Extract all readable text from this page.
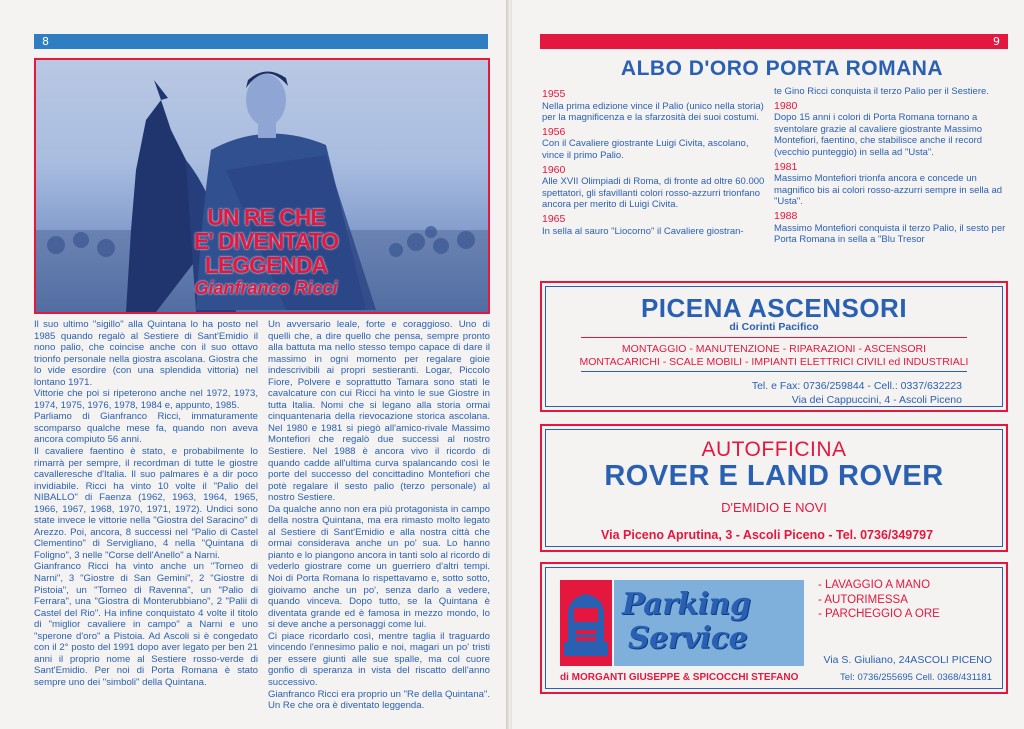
8
UN RE CHE
E' DIVENTATO
LEGGENDA
Gianfranco Ricci

Il suo ultimo "sigillo" alla Quintana lo ha posto nel 1985 quando regalò al Sestiere di Sant'Emidio il nono palio, che coincise anche con il suo ottavo trionfo personale nella giostra ascolana. Giostra che lo vide esordire (con una splendida vittoria) nel lontano 1971.

Vittorie che poi si ripeterono anche nel 1972, 1973, 1974, 1975, 1976, 1978, 1984 e, appunto, 1985.

Parliamo di Gianfranco Ricci, immaturamente scomparso qualche mese fa, quando non aveva ancora compiuto 56 anni.

Il cavaliere faentino è stato, e probabilmente lo rimarrà per sempre, il recordman di tutte le giostre cavalleresche d'Italia. Il suo palmares è a dir poco invidiabile. Ricci ha vinto 10 volte il "Palio del NIBALLO" di Faenza (1962, 1963, 1964, 1965, 1966, 1967, 1968, 1970, 1971, 1972). Undici sono state invece le vittorie nella "Giostra del Saracino" di Arezzo. Poi, ancora, 8 successi nel "Palio di Castel Clementino" di Servigliano, 4 nella "Quintana di Foligno", 3 nelle "Corse dell'Anello" a Narni.

Gianfranco Ricci ha vinto anche un "Torneo di Narni", 3 "Giostre di San Gemini", 2 "Giostre di Pistoia", un "Torneo di Ravenna", un "Palio di Ferrara", una "Giostra di Monterubbiano", 2 "Palii di Castel del Rio". Ha infine conquistato 4 volte il titolo di "miglior cavaliere in campo" a Narni e uno "sperone d'oro" a Pistoia. Ad Ascoli si è congedato con il 2° posto del 1991 dopo aver legato per ben 21 anni il proprio nome al Sestiere rosso-verde di Sant'Emidio. Per noi di Porta Romana è stato sempre uno dei "simboli" della Quintana.

Un avversario leale, forte e coraggioso. Uno di quelli che, a dire quello che pensa, sempre pronto alla battuta ma nello stesso tempo capace di dare il massimo in ogni momento per regalare gioie indescrivibili ai propri sestieranti. Logar, Piccolo Fiore, Polvere e soprattutto Tamara sono stati le cavalcature con cui Ricci ha vinto le sue Giostre in tutta Italia. Nomi che si legano alla storia ormai cinquantenaria della rievocazione storica ascolana. Nel 1980 e 1981 si piegò all'amico-rivale Massimo Montefiori che regalò due successi al nostro Sestiere. Nel 1988 è ancora vivo il ricordo di quando cadde all'ultima curva spalancando così le porte del successo del concittadino Montefiori che potè regalare il sesto palio (terzo personale) al nostro Sestiere.

Da qualche anno non era più protagonista in campo della nostra Quintana, ma era rimasto molto legato al Sestiere di Sant'Emidio e alla nostra città che ormai considerava anche un po' sua. Lo hanno pianto e lo piangono ancora in tanti solo al ricordo di vederlo giostrare come un guerriero d'altri tempi. Noi di Porta Romana lo rispettavamo e, sotto sotto, gioivamo anche un po', senza darlo a vedere, quando vinceva. Dopo tutto, se la Quintana è diventata grande ed è famosa in mezzo mondo, lo si deve anche a personaggi come lui.

Ci piace ricordarlo così, mentre taglia il traguardo vincendo l'ennesimo palio e noi, magari un po' tristi per essere giunti alle sue spalle, ma col cuore gonfio di speranza in vista del riscatto dell'anno successivo.

Gianfranco Ricci era proprio un "Re della Quintana". Un Re che ora è diventato leggenda.

9
ALBO D'ORO PORTA ROMANA
1955

Nella prima edizione vince il Palio (unico nella storia) per la magnificenza e la sfarzosità dei suoi costumi.

1956

Con il Cavaliere giostrante Luigi Civita, ascolano, vince il primo Palio.

1960

Alle XVII Olimpiadi di Roma, di fronte ad oltre 60.000 spettatori, gli sfavillanti colori rosso-azzurri trionfano ancora per merito di Luigi Civita.

1965

In sella al sauro "Liocorno" il Cavaliere giostran-

te Gino Ricci conquista il terzo Palio per il Sestiere.

1980

Dopo 15 anni i colori di Porta Romana tornano a sventolare grazie al cavaliere giostrante Massimo Montefiori, faentino, che stabilisce anche il record (vecchio punteggio) in sella ad "Usta".

1981

Massimo Montefiori trionfa ancora e concede un magnifico bis ai colori rosso-azzurri sempre in sella ad "Usta".

1988

Massimo Montefiori conquista il terzo Palio, il sesto per Porta Romana in sella a "Blu Tresor

PICENA ASCENSORI
di Corinti Pacifico
MONTAGGIO - MANUTENZIONE - RIPARAZIONI - ASCENSORI
MONTACARICHI - SCALE MOBILI - IMPIANTI ELETTRICI CIVILI ed INDUSTRIALI
Tel. e Fax: 0736/259844 - Cell.: 0337/632223
Via dei Cappuccini, 4 - Ascoli Piceno
AUTOFFICINA
ROVER E LAND ROVER
D'EMIDIO E NOVI
Via Piceno Aprutina, 3 - Ascoli Piceno - Tel. 0736/349797
Parking
Service
- LAVAGGIO A MANO
- AUTORIMESSA
- PARCHEGGIO A ORE
Via S. Giuliano, 24ASCOLI PICENO
di MORGANTI GIUSEPPE & SPICOCCHI STEFANO	Tel: 0736/255695 Cell. 0368/431181
